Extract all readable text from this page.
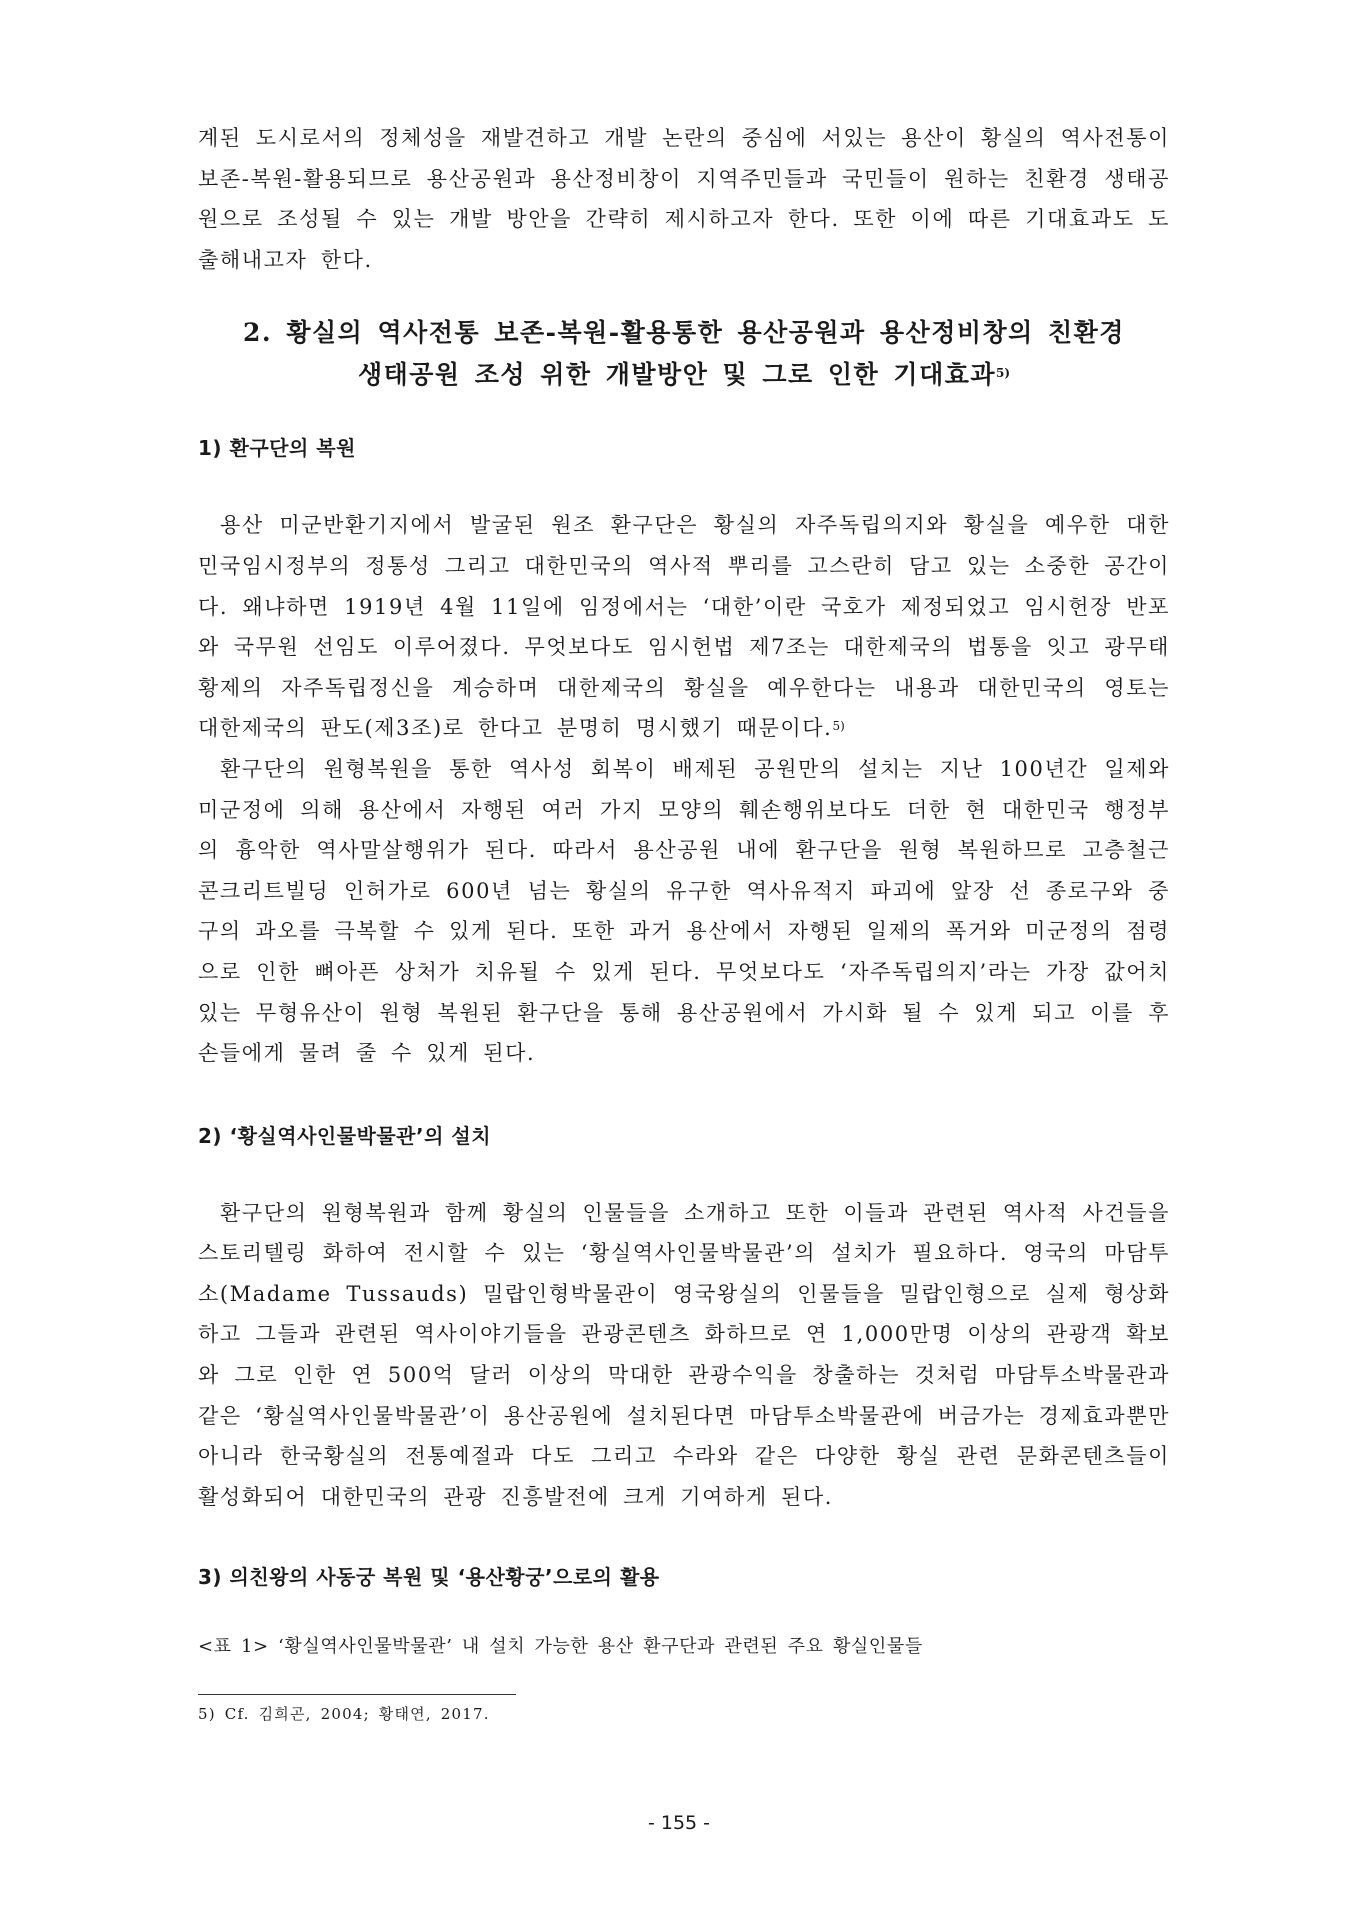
계된 도시로서의 정체성을 재발견하고 개발 논란의 중심에 서있는 용산이 황실의 역사전통이 보존-복원-활용되므로 용산공원과 용산정비창이 지역주민들과 국민들이 원하는 친환경 생태공원으로 조성될 수 있는 개발 방안을 간략히 제시하고자 한다. 또한 이에 따른 기대효과도 도출해내고자 한다.

2. 황실의 역사전통 보존-복원-활용통한 용산공원과 용산정비창의 친환경
생태공원 조성 위한 개발방안 및 그로 인한 기대효과$^{5)}$
1) 환구단의 복원

용산 미군반환기지에서 발굴된 원조 환구단은 황실의 자주독립의지와 황실을 예우한 대한민국임시정부의 정통성 그리고 대한민국의 역사적 뿌리를 고스란히 담고 있는 소중한 공간이다. 왜냐하면 1919년 4월 11일에 임정에서는 ‘대한’이란 국호가 제정되었고 임시헌장 반포와 국무원 선임도 이루어졌다. 무엇보다도 임시헌법 제7조는 대한제국의 법통을 잇고 광무태황제의 자주독립정신을 계승하며 대한제국의 황실을 예우한다는 내용과 대한민국의 영토는 대한제국의 판도(제3조)로 한다고 분명히 명시했기 때문이다.$^{5)}$

환구단의 원형복원을 통한 역사성 회복이 배제된 공원만의 설치는 지난 100년간 일제와 미군정에 의해 용산에서 자행된 여러 가지 모양의 훼손행위보다도 더한 현 대한민국 행정부의 흉악한 역사말살행위가 된다. 따라서 용산공원 내에 환구단을 원형 복원하므로 고층철근콘크리트빌딩 인허가로 600년 넘는 황실의 유구한 역사유적지 파괴에 앞장 선 종로구와 중구의 과오를 극복할 수 있게 된다. 또한 과거 용산에서 자행된 일제의 폭거와 미군정의 점령으로 인한 뼈아픈 상처가 치유될 수 있게 된다. 무엇보다도 ‘자주독립의지’라는 가장 값어치 있는 무형유산이 원형 복원된 환구단을 통해 용산공원에서 가시화 될 수 있게 되고 이를 후손들에게 물려 줄 수 있게 된다.

2) ‘황실역사인물박물관’의 설치

환구단의 원형복원과 함께 황실의 인물들을 소개하고 또한 이들과 관련된 역사적 사건들을 스토리텔링 화하여 전시할 수 있는 ‘황실역사인물박물관’의 설치가 필요하다. 영국의 마담투소(Madame Tussauds) 밀랍인형박물관이 영국왕실의 인물들을 밀랍인형으로 실제 형상화 하고 그들과 관련된 역사이야기들을 관광콘텐츠 화하므로 연 1,000만명 이상의 관광객 확보와 그로 인한 연 500억 달러 이상의 막대한 관광수익을 창출하는 것처럼 마담투소박물관과 같은 ‘황실역사인물박물관’이 용산공원에 설치된다면 마담투소박물관에 버금가는 경제효과뿐만 아니라 한국황실의 전통예절과 다도 그리고 수라와 같은 다양한 황실 관련 문화콘텐츠들이 활성화되어 대한민국의 관광 진흥발전에 크게 기여하게 된다.

3) 의친왕의 사동궁 복원 및 ‘용산황궁’으로의 활용

<표 1> ‘황실역사인물박물관’ 내 설치 가능한 용산 환구단과 관련된 주요 황실인물들

5) Cf. 김희곤, 2004; 황태연, 2017.

- 155 -
